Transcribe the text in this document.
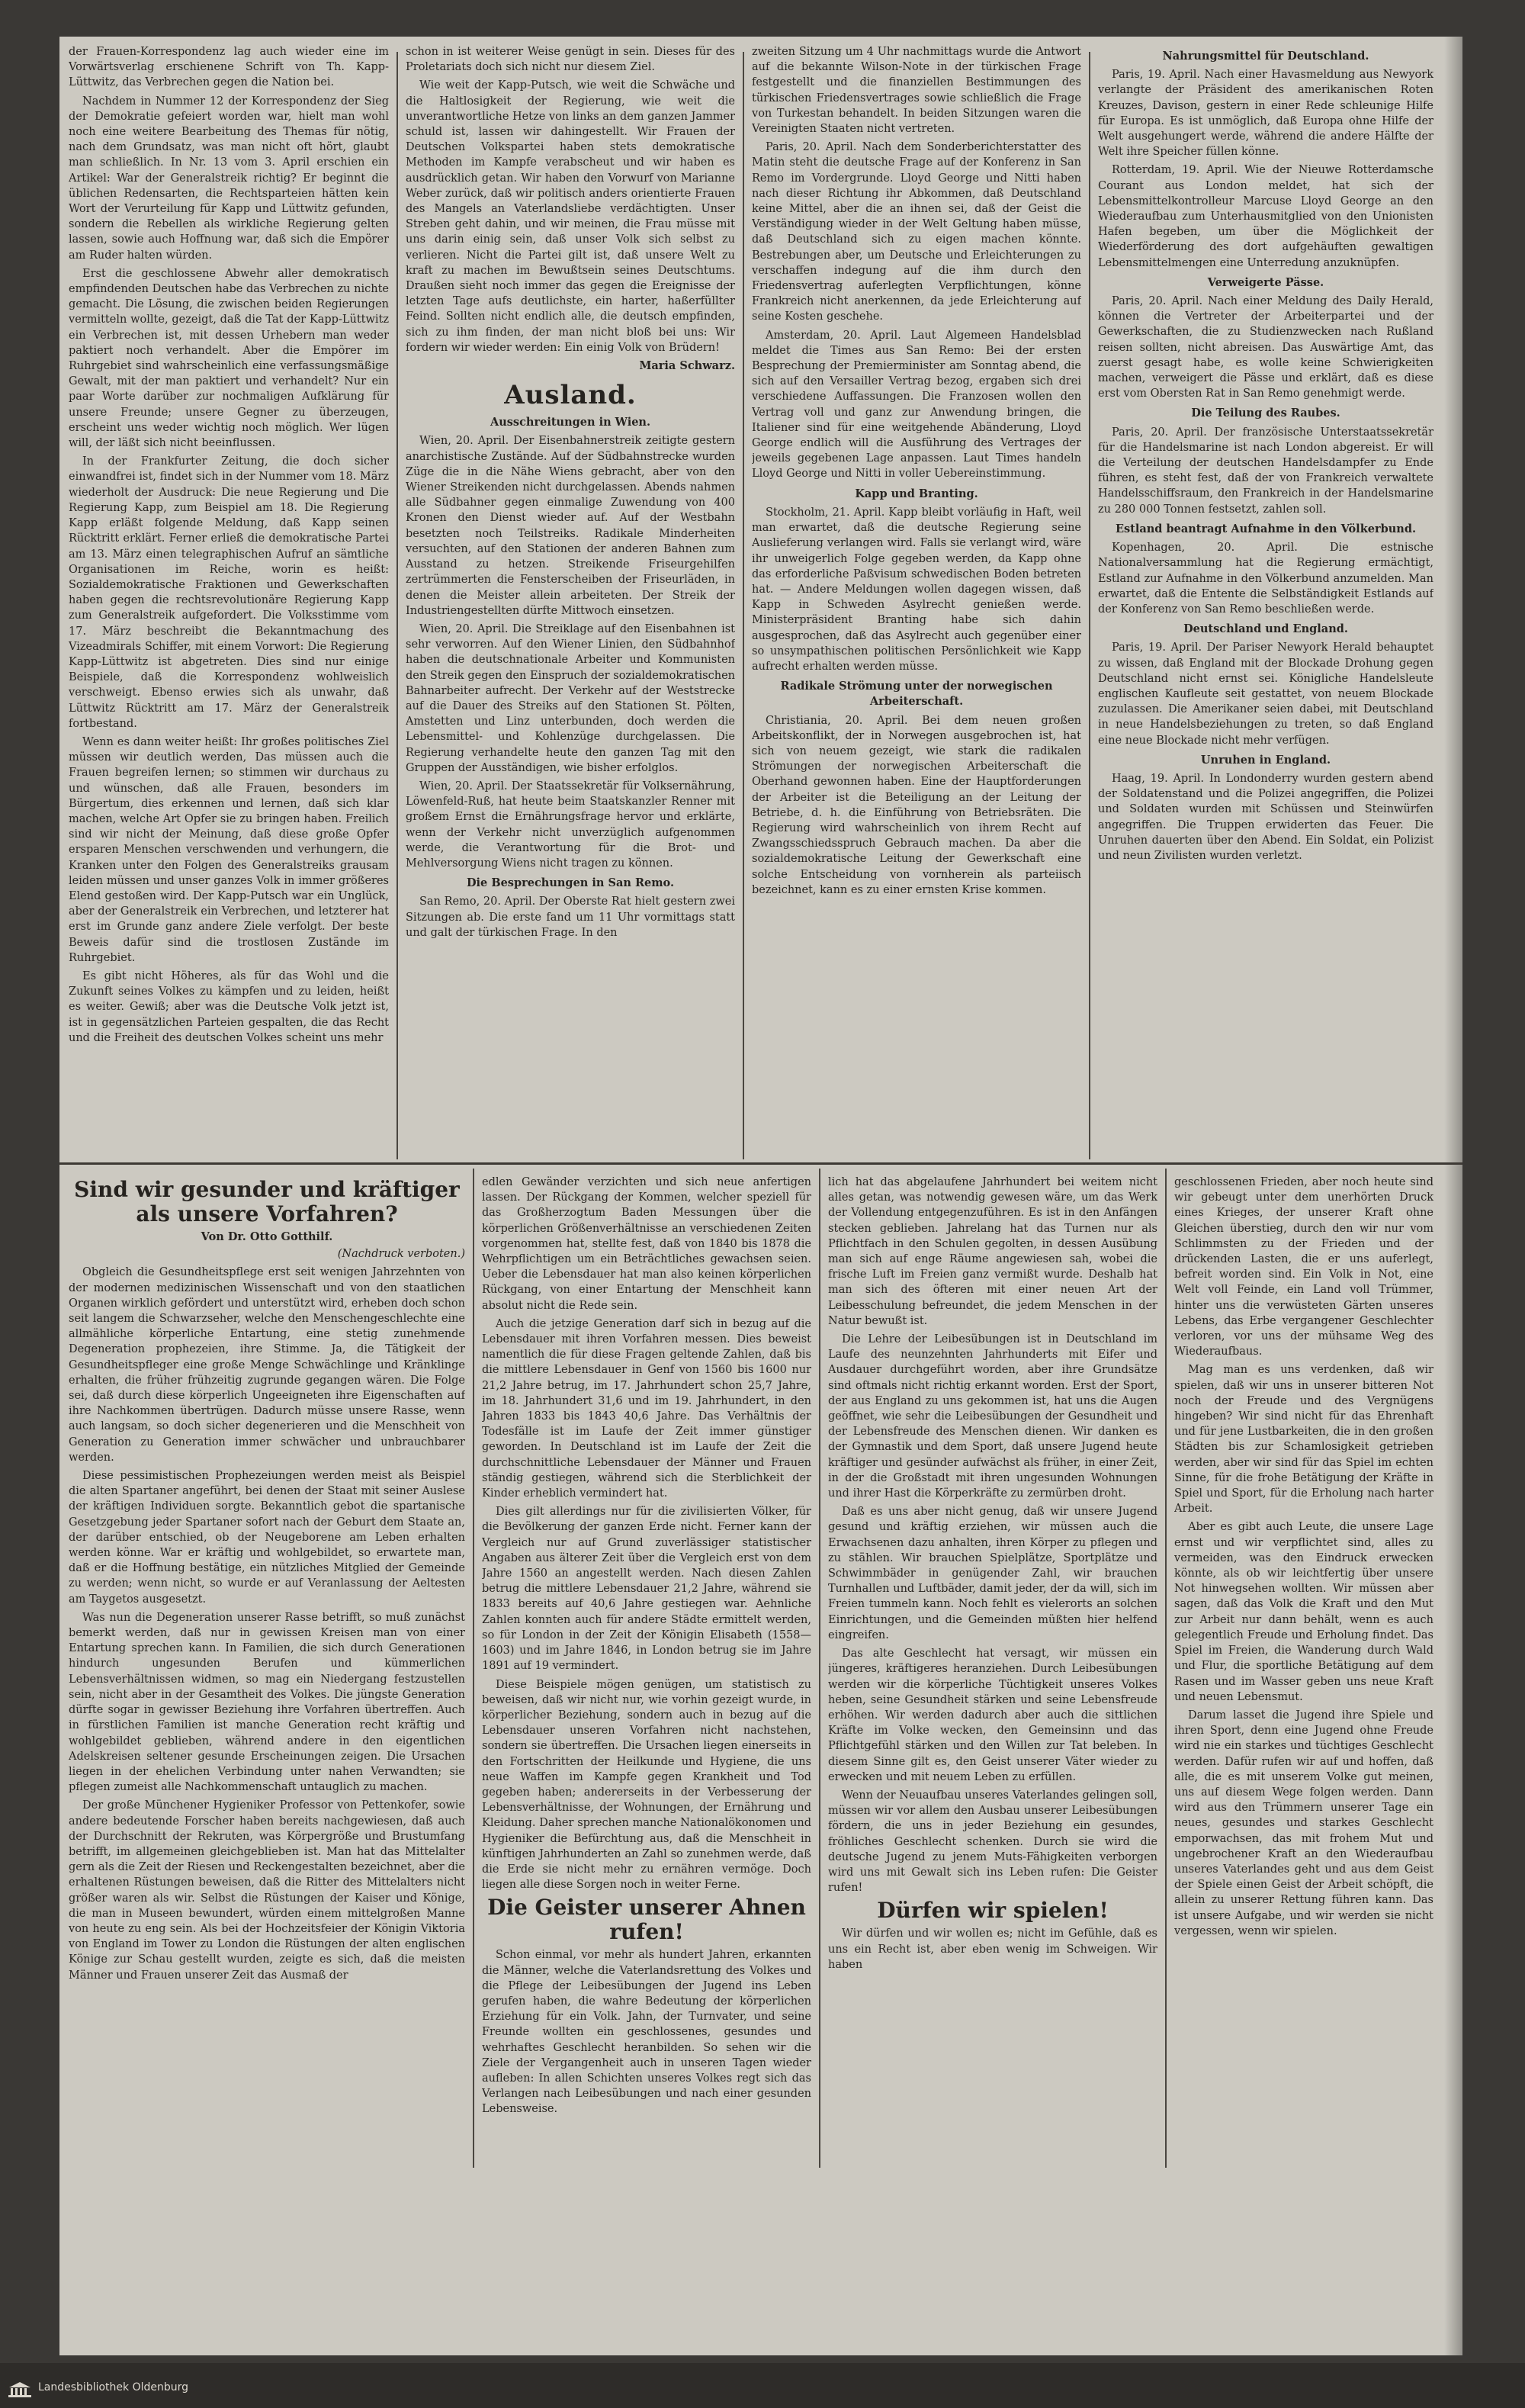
der Frauen-Korrespondenz lag auch wieder eine im Vorwärtsverlag erschienene Schrift von Th. Kapp-Lüttwitz, das Verbrechen gegen die Nation bei.

Nachdem in Nummer 12 der Korrespondenz der Sieg der Demokratie gefeiert worden war, hielt man wohl noch eine weitere Bearbeitung des Themas für nötig, nach dem Grundsatz, was man nicht oft hört, glaubt man schließlich. In Nr. 13 vom 3. April erschien ein Artikel: War der Generalstreik richtig? Er beginnt die üblichen Redensarten, die Rechtsparteien hätten kein Wort der Verurteilung für Kapp und Lüttwitz gefunden, sondern die Rebellen als wirkliche Regierung gelten lassen, sowie auch Hoffnung war, daß sich die Empörer am Ruder halten würden.

Erst die geschlossene Abwehr aller demokratisch empfindenden Deutschen habe das Verbrechen zu nichte gemacht. Die Lösung, die zwischen beiden Regierungen vermitteln wollte, gezeigt, daß die Tat der Kapp-Lüttwitz ein Verbrechen ist, mit dessen Urhebern man weder paktiert noch verhandelt. Aber die Empörer im Ruhrgebiet sind wahrscheinlich eine verfassungsmäßige Gewalt, mit der man paktiert und verhandelt? Nur ein paar Worte darüber zur nochmaligen Aufklärung für unsere Freunde; unsere Gegner zu überzeugen, erscheint uns weder wichtig noch möglich. Wer lügen will, der läßt sich nicht beeinflussen.

In der Frankfurter Zeitung, die doch sicher einwandfrei ist, findet sich in der Nummer vom 18. März wiederholt der Ausdruck: Die neue Regierung und Die Regierung Kapp, zum Beispiel am 18. Die Regierung Kapp erläßt folgende Meldung, daß Kapp seinen Rücktritt erklärt. Ferner erließ die demokratische Partei am 13. März einen telegraphischen Aufruf an sämtliche Organisationen im Reiche, worin es heißt: Sozialdemokratische Fraktionen und Gewerkschaften haben gegen die rechtsrevolutionäre Regierung Kapp zum Generalstreik aufgefordert. Die Volksstimme vom 17. März beschreibt die Bekanntmachung des Vizeadmirals Schiffer, mit einem Vorwort: Die Regierung Kapp-Lüttwitz ist abgetreten. Dies sind nur einige Beispiele, daß die Korrespondenz wohlweislich verschweigt. Ebenso erwies sich als unwahr, daß Lüttwitz Rücktritt am 17. März der Generalstreik fortbestand.

Wenn es dann weiter heißt: Ihr großes politisches Ziel müssen wir deutlich werden, Das müssen auch die Frauen begreifen lernen; so stimmen wir durchaus zu und wünschen, daß alle Frauen, besonders im Bürgertum, dies erkennen und lernen, daß sich klar machen, welche Art Opfer sie zu bringen haben. Freilich sind wir nicht der Meinung, daß diese große Opfer ersparen Menschen verschwenden und verhungern, die Kranken unter den Folgen des Generalstreiks grausam leiden müssen und unser ganzes Volk in immer größeres Elend gestoßen wird. Der Kapp-Putsch war ein Unglück, aber der Generalstreik ein Verbrechen, und letzterer hat erst im Grunde ganz andere Ziele verfolgt. Der beste Beweis dafür sind die trostlosen Zustände im Ruhrgebiet.

Es gibt nicht Höheres, als für das Wohl und die Zukunft seines Volkes zu kämpfen und zu leiden, heißt es weiter. Gewiß; aber was die Deutsche Volk jetzt ist, ist in gegensätzlichen Parteien gespalten, die das Recht und die Freiheit des deutschen Volkes scheint uns mehr

schon in ist weiterer Weise genügt in sein. Dieses für des Proletariats doch sich nicht nur diesem Ziel.

Wie weit der Kapp-Putsch, wie weit die Schwäche und die Haltlosigkeit der Regierung, wie weit die unverantwortliche Hetze von links an dem ganzen Jammer schuld ist, lassen wir dahingestellt. Wir Frauen der Deutschen Volkspartei haben stets demokratische Methoden im Kampfe verabscheut und wir haben es ausdrücklich getan. Wir haben den Vorwurf von Marianne Weber zurück, daß wir politisch anders orientierte Frauen des Mangels an Vaterlandsliebe verdächtigten. Unser Streben geht dahin, und wir meinen, die Frau müsse mit uns darin einig sein, daß unser Volk sich selbst zu verlieren. Nicht die Partei gilt ist, daß unsere Welt zu kraft zu machen im Bewußtsein seines Deutschtums. Draußen sieht noch immer das gegen die Ereignisse der letzten Tage aufs deutlichste, ein harter, haßerfüllter Feind. Sollten nicht endlich alle, die deutsch empfinden, sich zu ihm finden, der man nicht bloß bei uns: Wir fordern wir wieder werden: Ein einig Volk von Brüdern!

Maria Schwarz.
Ausland.
Ausschreitungen in Wien.

Wien, 20. April. Der Eisenbahnerstreik zeitigte gestern anarchistische Zustände. Auf der Südbahnstrecke wurden Züge die in die Nähe Wiens gebracht, aber von den Wiener Streikenden nicht durchgelassen. Abends nahmen alle Südbahner gegen einmalige Zuwendung von 400 Kronen den Dienst wieder auf. Auf der Westbahn besetzten noch Teilstreiks. Radikale Minderheiten versuchten, auf den Stationen der anderen Bahnen zum Ausstand zu hetzen. Streikende Friseurgehilfen zertrümmerten die Fensterscheiben der Friseurläden, in denen die Meister allein arbeiteten. Der Streik der Industriengestellten dürfte Mittwoch einsetzen.

Wien, 20. April. Die Streiklage auf den Eisenbahnen ist sehr verworren. Auf den Wiener Linien, den Südbahnhof haben die deutschnationale Arbeiter und Kommunisten den Streik gegen den Einspruch der sozialdemokratischen Bahnarbeiter aufrecht. Der Verkehr auf der Weststrecke auf die Dauer des Streiks auf den Stationen St. Pölten, Amstetten und Linz unterbunden, doch werden die Lebensmittel- und Kohlenzüge durchgelassen. Die Regierung verhandelte heute den ganzen Tag mit den Gruppen der Ausständigen, wie bisher erfolglos.

Wien, 20. April. Der Staatssekretär für Volksernährung, Löwenfeld-Ruß, hat heute beim Staatskanzler Renner mit großem Ernst die Ernährungsfrage hervor und erklärte, wenn der Verkehr nicht unverzüglich aufgenommen werde, die Verantwortung für die Brot- und Mehlversorgung Wiens nicht tragen zu können.

Die Besprechungen in San Remo.

San Remo, 20. April. Der Oberste Rat hielt gestern zwei Sitzungen ab. Die erste fand um 11 Uhr vormittags statt und galt der türkischen Frage. In den

zweiten Sitzung um 4 Uhr nachmittags wurde die Antwort auf die bekannte Wilson-Note in der türkischen Frage festgestellt und die finanziellen Bestimmungen des türkischen Friedensvertrages sowie schließlich die Frage von Turkestan behandelt. In beiden Sitzungen waren die Vereinigten Staaten nicht vertreten.

Paris, 20. April. Nach dem Sonderberichterstatter des Matin steht die deutsche Frage auf der Konferenz in San Remo im Vordergrunde. Lloyd George und Nitti haben nach dieser Richtung ihr Abkommen, daß Deutschland keine Mittel, aber die an ihnen sei, daß der Geist die Verständigung wieder in der Welt Geltung haben müsse, daß Deutschland sich zu eigen machen könnte. Bestrebungen aber, um Deutsche und Erleichterungen zu verschaffen indegung auf die ihm durch den Friedensvertrag auferlegten Verpflichtungen, könne Frankreich nicht anerkennen, da jede Erleichterung auf seine Kosten geschehe.

Amsterdam, 20. April. Laut Algemeen Handelsblad meldet die Times aus San Remo: Bei der ersten Besprechung der Premierminister am Sonntag abend, die sich auf den Versailler Vertrag bezog, ergaben sich drei verschiedene Auffassungen. Die Franzosen wollen den Vertrag voll und ganz zur Anwendung bringen, die Italiener sind für eine weitgehende Abänderung, Lloyd George endlich will die Ausführung des Vertrages der jeweils gegebenen Lage anpassen. Laut Times handeln Lloyd George und Nitti in voller Uebereinstimmung.

Kapp und Branting.

Stockholm, 21. April. Kapp bleibt vorläufig in Haft, weil man erwartet, daß die deutsche Regierung seine Auslieferung verlangen wird. Falls sie verlangt wird, wäre ihr unweigerlich Folge gegeben werden, da Kapp ohne das erforderliche Paßvisum schwedischen Boden betreten hat. — Andere Meldungen wollen dagegen wissen, daß Kapp in Schweden Asylrecht genießen werde. Ministerpräsident Branting habe sich dahin ausgesprochen, daß das Asylrecht auch gegenüber einer so unsympathischen politischen Persönlichkeit wie Kapp aufrecht erhalten werden müsse.

Radikale Strömung unter der norwegischen Arbeiterschaft.

Christiania, 20. April. Bei dem neuen großen Arbeitskonflikt, der in Norwegen ausgebrochen ist, hat sich von neuem gezeigt, wie stark die radikalen Strömungen der norwegischen Arbeiterschaft die Oberhand gewonnen haben. Eine der Hauptforderungen der Arbeiter ist die Beteiligung an der Leitung der Betriebe, d. h. die Einführung von Betriebsräten. Die Regierung wird wahrscheinlich von ihrem Recht auf Zwangsschiedsspruch Gebrauch machen. Da aber die sozialdemokratische Leitung der Gewerkschaft eine solche Entscheidung von vornherein als parteiisch bezeichnet, kann es zu einer ernsten Krise kommen.

Nahrungsmittel für Deutschland.

Paris, 19. April. Nach einer Havasmeldung aus Newyork verlangte der Präsident des amerikanischen Roten Kreuzes, Davison, gestern in einer Rede schleunige Hilfe für Europa. Es ist unmöglich, daß Europa ohne Hilfe der Welt ausgehungert werde, während die andere Hälfte der Welt ihre Speicher füllen könne.

Rotterdam, 19. April. Wie der Nieuwe Rotterdamsche Courant aus London meldet, hat sich der Lebensmittelkontrolleur Marcuse Lloyd George an den Wiederaufbau zum Unterhausmitglied von den Unionisten Hafen begeben, um über die Möglichkeit der Wiederförderung des dort aufgehäuften gewaltigen Lebensmittelmengen eine Unterredung anzuknüpfen.

Verweigerte Pässe.

Paris, 20. April. Nach einer Meldung des Daily Herald, können die Vertreter der Arbeiterpartei und der Gewerkschaften, die zu Studienzwecken nach Rußland reisen sollten, nicht abreisen. Das Auswärtige Amt, das zuerst gesagt habe, es wolle keine Schwierigkeiten machen, verweigert die Pässe und erklärt, daß es diese erst vom Obersten Rat in San Remo genehmigt werde.

Die Teilung des Raubes.

Paris, 20. April. Der französische Unterstaatssekretär für die Handelsmarine ist nach London abgereist. Er will die Verteilung der deutschen Handelsdampfer zu Ende führen, es steht fest, daß der von Frankreich verwaltete Handelsschiffsraum, den Frankreich in der Handelsmarine zu 280 000 Tonnen festsetzt, zahlen soll.

Estland beantragt Aufnahme in den Völkerbund.

Kopenhagen, 20. April. Die estnische Nationalversammlung hat die Regierung ermächtigt, Estland zur Aufnahme in den Völkerbund anzumelden. Man erwartet, daß die Entente die Selbständigkeit Estlands auf der Konferenz von San Remo beschließen werde.

Deutschland und England.

Paris, 19. April. Der Pariser Newyork Herald behauptet zu wissen, daß England mit der Blockade Drohung gegen Deutschland nicht ernst sei. Königliche Handelsleute englischen Kaufleute seit gestattet, von neuem Blockade zuzulassen. Die Amerikaner seien dabei, mit Deutschland in neue Handelsbeziehungen zu treten, so daß England eine neue Blockade nicht mehr verfügen.

Unruhen in England.

Haag, 19. April. In Londonderry wurden gestern abend der Soldatenstand und die Polizei angegriffen, die Polizei und Soldaten wurden mit Schüssen und Steinwürfen angegriffen. Die Truppen erwiderten das Feuer. Die Unruhen dauerten über den Abend. Ein Soldat, ein Polizist und neun Zivilisten wurden verletzt.

Sind wir gesunder und kräftiger als unsere Vorfahren?
Von Dr. Otto Gotthilf.
(Nachdruck verboten.)

Obgleich die Gesundheitspflege erst seit wenigen Jahrzehnten von der modernen medizinischen Wissenschaft und von den staatlichen Organen wirklich gefördert und unterstützt wird, erheben doch schon seit langem die Schwarzseher, welche den Menschengeschlechte eine allmähliche körperliche Entartung, eine stetig zunehmende Degeneration prophezeien, ihre Stimme. Ja, die Tätigkeit der Gesundheitspfleger eine große Menge Schwächlinge und Kränklinge erhalten, die früher frühzeitig zugrunde gegangen wären. Die Folge sei, daß durch diese körperlich Ungeeigneten ihre Eigenschaften auf ihre Nachkommen übertrügen. Dadurch müsse unsere Rasse, wenn auch langsam, so doch sicher degenerieren und die Menschheit von Generation zu Generation immer schwächer und unbrauchbarer werden.

Diese pessimistischen Prophezeiungen werden meist als Beispiel die alten Spartaner angeführt, bei denen der Staat mit seiner Auslese der kräftigen Individuen sorgte. Bekanntlich gebot die spartanische Gesetzgebung jeder Spartaner sofort nach der Geburt dem Staate an, der darüber entschied, ob der Neugeborene am Leben erhalten werden könne. War er kräftig und wohlgebildet, so erwartete man, daß er die Hoffnung bestätige, ein nützliches Mitglied der Gemeinde zu werden; wenn nicht, so wurde er auf Veranlassung der Aeltesten am Taygetos ausgesetzt.

Was nun die Degeneration unserer Rasse betrifft, so muß zunächst bemerkt werden, daß nur in gewissen Kreisen man von einer Entartung sprechen kann. In Familien, die sich durch Generationen hindurch ungesunden Berufen und kümmerlichen Lebensverhältnissen widmen, so mag ein Niedergang festzustellen sein, nicht aber in der Gesamtheit des Volkes. Die jüngste Generation dürfte sogar in gewisser Beziehung ihre Vorfahren übertreffen. Auch in fürstlichen Familien ist manche Generation recht kräftig und wohlgebildet geblieben, während andere in den eigentlichen Adelskreisen seltener gesunde Erscheinungen zeigen. Die Ursachen liegen in der ehelichen Verbindung unter nahen Verwandten; sie pflegen zumeist alle Nachkommenschaft untauglich zu machen.

Der große Münchener Hygieniker Professor von Pettenkofer, sowie andere bedeutende Forscher haben bereits nachgewiesen, daß auch der Durchschnitt der Rekruten, was Körpergröße und Brustumfang betrifft, im allgemeinen gleichgeblieben ist. Man hat das Mittelalter gern als die Zeit der Riesen und Reckengestalten bezeichnet, aber die erhaltenen Rüstungen beweisen, daß die Ritter des Mittelalters nicht größer waren als wir. Selbst die Rüstungen der Kaiser und Könige, die man in Museen bewundert, würden einem mittelgroßen Manne von heute zu eng sein. Als bei der Hochzeitsfeier der Königin Viktoria von England im Tower zu London die Rüstungen der alten englischen Könige zur Schau gestellt wurden, zeigte es sich, daß die meisten Männer und Frauen unserer Zeit das Ausmaß der

edlen Gewänder verzichten und sich neue anfertigen lassen. Der Rückgang der Kommen, welcher speziell für das Großherzogtum Baden Messungen über die körperlichen Größenverhältnisse an verschiedenen Zeiten vorgenommen hat, stellte fest, daß von 1840 bis 1878 die Wehrpflichtigen um ein Beträchtliches gewachsen seien. Ueber die Lebensdauer hat man also keinen körperlichen Rückgang, von einer Entartung der Menschheit kann absolut nicht die Rede sein.

Auch die jetzige Generation darf sich in bezug auf die Lebensdauer mit ihren Vorfahren messen. Dies beweist namentlich die für diese Fragen geltende Zahlen, daß bis die mittlere Lebensdauer in Genf von 1560 bis 1600 nur 21,2 Jahre betrug, im 17. Jahrhundert schon 25,7 Jahre, im 18. Jahrhundert 31,6 und im 19. Jahrhundert, in den Jahren 1833 bis 1843 40,6 Jahre. Das Verhältnis der Todesfälle ist im Laufe der Zeit immer günstiger geworden. In Deutschland ist im Laufe der Zeit die durchschnittliche Lebensdauer der Männer und Frauen ständig gestiegen, während sich die Sterblichkeit der Kinder erheblich vermindert hat.

Dies gilt allerdings nur für die zivilisierten Völker, für die Bevölkerung der ganzen Erde nicht. Ferner kann der Vergleich nur auf Grund zuverlässiger statistischer Angaben aus älterer Zeit über die Vergleich erst von dem Jahre 1560 an angestellt werden. Nach diesen Zahlen betrug die mittlere Lebensdauer 21,2 Jahre, während sie 1833 bereits auf 40,6 Jahre gestiegen war. Aehnliche Zahlen konnten auch für andere Städte ermittelt werden, so für London in der Zeit der Königin Elisabeth (1558—1603) und im Jahre 1846, in London betrug sie im Jahre 1891 auf 19 vermindert.

Diese Beispiele mögen genügen, um statistisch zu beweisen, daß wir nicht nur, wie vorhin gezeigt wurde, in körperlicher Beziehung, sondern auch in bezug auf die Lebensdauer unseren Vorfahren nicht nachstehen, sondern sie übertreffen. Die Ursachen liegen einerseits in den Fortschritten der Heilkunde und Hygiene, die uns neue Waffen im Kampfe gegen Krankheit und Tod gegeben haben; andererseits in der Verbesserung der Lebensverhältnisse, der Wohnungen, der Ernährung und Kleidung. Daher sprechen manche Nationalökonomen und Hygieniker die Befürchtung aus, daß die Menschheit in künftigen Jahrhunderten an Zahl so zunehmen werde, daß die Erde sie nicht mehr zu ernähren vermöge. Doch liegen alle diese Sorgen noch in weiter Ferne.

Die Geister unserer Ahnen rufen!

Schon einmal, vor mehr als hundert Jahren, erkannten die Männer, welche die Vaterlandsrettung des Volkes und die Pflege der Leibesübungen der Jugend ins Leben gerufen haben, die wahre Bedeutung der körperlichen Erziehung für ein Volk. Jahn, der Turnvater, und seine Freunde wollten ein geschlossenes, gesundes und wehrhaftes Geschlecht heranbilden. So sehen wir die Ziele der Vergangenheit auch in unseren Tagen wieder aufleben: In allen Schichten unseres Volkes regt sich das Verlangen nach Leibesübungen und nach einer gesunden Lebensweise.

lich hat das abgelaufene Jahrhundert bei weitem nicht alles getan, was notwendig gewesen wäre, um das Werk der Vollendung entgegenzuführen. Es ist in den Anfängen stecken geblieben. Jahrelang hat das Turnen nur als Pflichtfach in den Schulen gegolten, in dessen Ausübung man sich auf enge Räume angewiesen sah, wobei die frische Luft im Freien ganz vermißt wurde. Deshalb hat man sich des öfteren mit einer neuen Art der Leibesschulung befreundet, die jedem Menschen in der Natur bewußt ist.

Die Lehre der Leibesübungen ist in Deutschland im Laufe des neunzehnten Jahrhunderts mit Eifer und Ausdauer durchgeführt worden, aber ihre Grundsätze sind oftmals nicht richtig erkannt worden. Erst der Sport, der aus England zu uns gekommen ist, hat uns die Augen geöffnet, wie sehr die Leibesübungen der Gesundheit und der Lebensfreude des Menschen dienen. Wir danken es der Gymnastik und dem Sport, daß unsere Jugend heute kräftiger und gesünder aufwächst als früher, in einer Zeit, in der die Großstadt mit ihren ungesunden Wohnungen und ihrer Hast die Körperkräfte zu zermürben droht.

Daß es uns aber nicht genug, daß wir unsere Jugend gesund und kräftig erziehen, wir müssen auch die Erwachsenen dazu anhalten, ihren Körper zu pflegen und zu stählen. Wir brauchen Spielplätze, Sportplätze und Schwimmbäder in genügender Zahl, wir brauchen Turnhallen und Luftbäder, damit jeder, der da will, sich im Freien tummeln kann. Noch fehlt es vielerorts an solchen Einrichtungen, und die Gemeinden müßten hier helfend eingreifen.

Das alte Geschlecht hat versagt, wir müssen ein jüngeres, kräftigeres heranziehen. Durch Leibesübungen werden wir die körperliche Tüchtigkeit unseres Volkes heben, seine Gesundheit stärken und seine Lebensfreude erhöhen. Wir werden dadurch aber auch die sittlichen Kräfte im Volke wecken, den Gemeinsinn und das Pflichtgefühl stärken und den Willen zur Tat beleben. In diesem Sinne gilt es, den Geist unserer Väter wieder zu erwecken und mit neuem Leben zu erfüllen.

Wenn der Neuaufbau unseres Vaterlandes gelingen soll, müssen wir vor allem den Ausbau unserer Leibesübungen fördern, die uns in jeder Beziehung ein gesundes, fröhliches Geschlecht schenken. Durch sie wird die deutsche Jugend zu jenem Muts-Fähigkeiten verborgen wird uns mit Gewalt sich ins Leben rufen: Die Geister rufen!

Dürfen wir spielen!

Wir dürfen und wir wollen es; nicht im Gefühle, daß es uns ein Recht ist, aber eben wenig im Schweigen. Wir haben

geschlossenen Frieden, aber noch heute sind wir gebeugt unter dem unerhörten Druck eines Krieges, der unserer Kraft ohne Gleichen überstieg, durch den wir nur vom Schlimmsten zu der Frieden und der drückenden Lasten, die er uns auferlegt, befreit worden sind. Ein Volk in Not, eine Welt voll Feinde, ein Land voll Trümmer, hinter uns die verwüsteten Gärten unseres Lebens, das Erbe vergangener Geschlechter verloren, vor uns der mühsame Weg des Wiederaufbaus.

Mag man es uns verdenken, daß wir spielen, daß wir uns in unserer bitteren Not noch der Freude und des Vergnügens hingeben? Wir sind nicht für das Ehrenhaft und für jene Lustbarkeiten, die in den großen Städten bis zur Schamlosigkeit getrieben werden, aber wir sind für das Spiel im echten Sinne, für die frohe Betätigung der Kräfte in Spiel und Sport, für die Erholung nach harter Arbeit.

Aber es gibt auch Leute, die unsere Lage ernst und wir verpflichtet sind, alles zu vermeiden, was den Eindruck erwecken könnte, als ob wir leichtfertig über unsere Not hinwegsehen wollten. Wir müssen aber sagen, daß das Volk die Kraft und den Mut zur Arbeit nur dann behält, wenn es auch gelegentlich Freude und Erholung findet. Das Spiel im Freien, die Wanderung durch Wald und Flur, die sportliche Betätigung auf dem Rasen und im Wasser geben uns neue Kraft und neuen Lebensmut.

Darum lasset die Jugend ihre Spiele und ihren Sport, denn eine Jugend ohne Freude wird nie ein starkes und tüchtiges Geschlecht werden. Dafür rufen wir auf und hoffen, daß alle, die es mit unserem Volke gut meinen, uns auf diesem Wege folgen werden. Dann wird aus den Trümmern unserer Tage ein neues, gesundes und starkes Geschlecht emporwachsen, das mit frohem Mut und ungebrochener Kraft an den Wiederaufbau unseres Vaterlandes geht und aus dem Geist der Spiele einen Geist der Arbeit schöpft, die allein zu unserer Rettung führen kann. Das ist unsere Aufgabe, und wir werden sie nicht vergessen, wenn wir spielen.

Landesbibliothek Oldenburg
